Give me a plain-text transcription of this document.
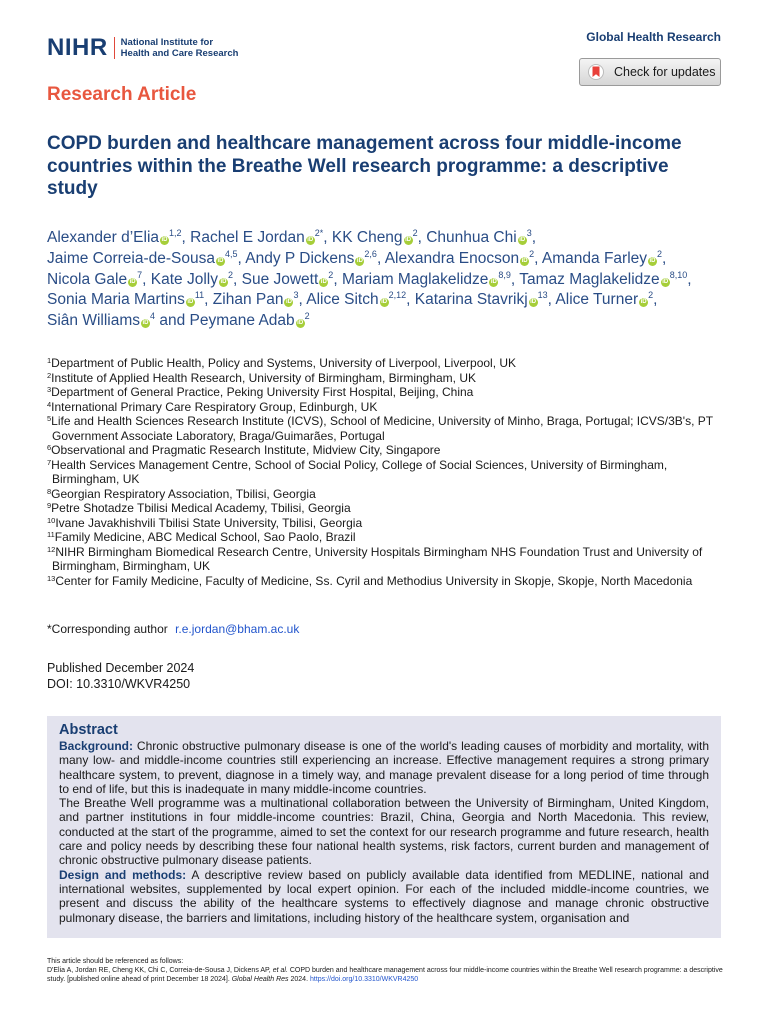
NIHR National Institute for
Health and Care Research
Global Health Research
Check for updates
Research Article
COPD burden and healthcare management across four middle-income countries within the Breathe Well research programme: a descriptive study
Alexander d’Elia iD$^{1,2}$, Rachel E Jordan $iD^{2*}$, KK Cheng $iD^2$, Chunhua Chi $iD^3$, Jaime Correia-de-Sousa iD$^{4,5}$, Andy P Dickens iD$^{2,6}$, Alexandra Enocson $iD^2$, Amanda Farley $iD^2$, Nicola Gale $iD^7$, Kate Jolly $iD^2$, Sue Jowett $iD^2$, Mariam Maglakelidze iD$^{8,9}$, Tamaz Maglakelidze iD$^{8,10}$, Sonia Maria Martins $iD^{11}$, Zihan Pan $iD^3$, Alice Sitch iD$^{2,12}$, Katarina Stavrikj $iD^{13}$, Alice Turner $iD^2$, Siân Williams $iD^4$ and Peymane Adab $iD^2$
$^1$Department of Public Health, Policy and Systems, University of Liverpool, Liverpool, UK
$^2$Institute of Applied Health Research, University of Birmingham, Birmingham, UK
$^3$Department of General Practice, Peking University First Hospital, Beijing, China
$^4$International Primary Care Respiratory Group, Edinburgh, UK
$^5$Life and Health Sciences Research Institute (ICVS), School of Medicine, University of Minho, Braga, Portugal; ICVS/3B's, PT Government Associate Laboratory, Braga/Guimarães, Portugal
$^6$Observational and Pragmatic Research Institute, Midview City, Singapore
$^7$Health Services Management Centre, School of Social Policy, College of Social Sciences, University of Birmingham, Birmingham, UK
$^8$Georgian Respiratory Association, Tbilisi, Georgia
$^9$Petre Shotadze Tbilisi Medical Academy, Tbilisi, Georgia
$^{10}$Ivane Javakhishvili Tbilisi State University, Tbilisi, Georgia
$^{11}$Family Medicine, ABC Medical School, Sao Paolo, Brazil
$^{12}$NIHR Birmingham Biomedical Research Centre, University Hospitals Birmingham NHS Foundation Trust and University of Birmingham, Birmingham, UK
$^{13}$Center for Family Medicine, Faculty of Medicine, Ss. Cyril and Methodius University in Skopje, Skopje, North Macedonia
*Corresponding author r.e.jordan@bham.ac.uk
Published December 2024
DOI: 10.3310/WKVR4250
Abstract

Background: Chronic obstructive pulmonary disease is one of the world's leading causes of morbidity and mortality, with many low- and middle-income countries still experiencing an increase. Effective management requires a strong primary healthcare system, to prevent, diagnose in a timely way, and manage prevalent disease for a long period of time through to end of life, but this is inadequate in many middle-income countries.

The Breathe Well programme was a multinational collaboration between the University of Birmingham, United Kingdom, and partner institutions in four middle-income countries: Brazil, China, Georgia and North Macedonia. This review, conducted at the start of the programme, aimed to set the context for our research programme and future research, health care and policy needs by describing these four national health systems, risk factors, current burden and management of chronic obstructive pulmonary disease patients.

Design and methods: A descriptive review based on publicly available data identified from MEDLINE, national and international websites, supplemented by local expert opinion. For each of the included middle-income countries, we present and discuss the ability of the healthcare systems to effectively diagnose and manage chronic obstructive pulmonary disease, the barriers and limitations, including history of the healthcare system, organisation and

This article should be referenced as follows:
D'Elia A, Jordan RE, Cheng KK, Chi C, Correia-de-Sousa J, Dickens AP, et al. COPD burden and healthcare management across four middle-income countries within the Breathe Well research programme: a descriptive study. [published online ahead of print December 18 2024]. Global Health Res 2024. https://doi.org/10.3310/WKVR4250
